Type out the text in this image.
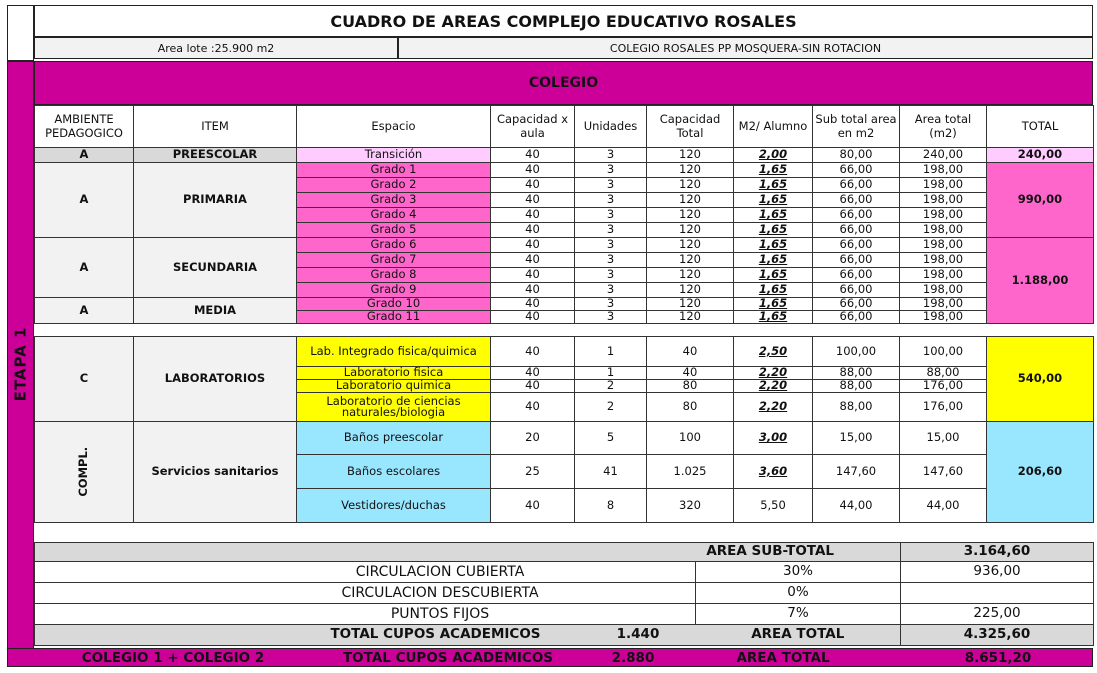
ETAPA 1
CUADRO DE AREAS COMPLEJO EDUCATIVO ROSALES
Area lote :25.900 m2	COLEGIO ROSALES PP MOSQUERA-SIN ROTACION
COLEGIO
AMBIENTE PEDAGOGICO	ITEM	Espacio	Capacidad x aula	Unidades	Capacidad Total	M2/ Alumno	Sub total area en m2	Area total (m2)	TOTAL
A	PREESCOLAR	Transición	40	3	120	2,00	80,00	240,00	240,00
A	PRIMARIA	Grado 1	40	3	120	1,65	66,00	198,00	990,00
		Grado 2	40	3	120	1,65	66,00	198,00	
		Grado 3	40	3	120	1,65	66,00	198,00	
		Grado 4	40	3	120	1,65	66,00	198,00	
		Grado 5	40	3	120	1,65	66,00	198,00	
A	SECUNDARIA	Grado 6	40	3	120	1,65	66,00	198,00	1.188,00
		Grado 7	40	3	120	1,65	66,00	198,00	
		Grado 8	40	3	120	1,65	66,00	198,00	
		Grado 9	40	3	120	1,65	66,00	198,00	
A	MEDIA	Grado 10	40	3	120	1,65	66,00	198,00	
		Grado 11	40	3	120	1,65	66,00	198,00	

C	LABORATORIOS	Lab. Integrado fisica/quimica	40	1	40	2,50	100,00	100,00	540,00
		Laboratorio fisica	40	1	40	2,20	88,00	88,00	
		Laboratorio quimica	40	2	80	2,20	88,00	176,00	
		Laboratorio de ciencias naturales/biologia	40	2	80	2,20	88,00	176,00	
COMPL.	Servicios sanitarios	Baños preescolar	20	5	100	3,00	15,00	15,00	206,60
		Baños escolares	25	41	1.025	3,60	147,60	147,60	
		Vestidores/duchas	40	8	320	5,50	44,00	44,00	
AREA SUB-TOTAL				3.164,60
CIRCULACION CUBIERTA			30%	936,00
CIRCULACION DESCUBIERTA			0%	
PUNTOS FIJOS			7%	225,00
	TOTAL CUPOS ACADEMICOS	1.440	AREA TOTAL	4.325,60
COLEGIO 1 + COLEGIO 2	TOTAL CUPOS ACADEMICOS	2.880	AREA TOTAL	8.651,20
